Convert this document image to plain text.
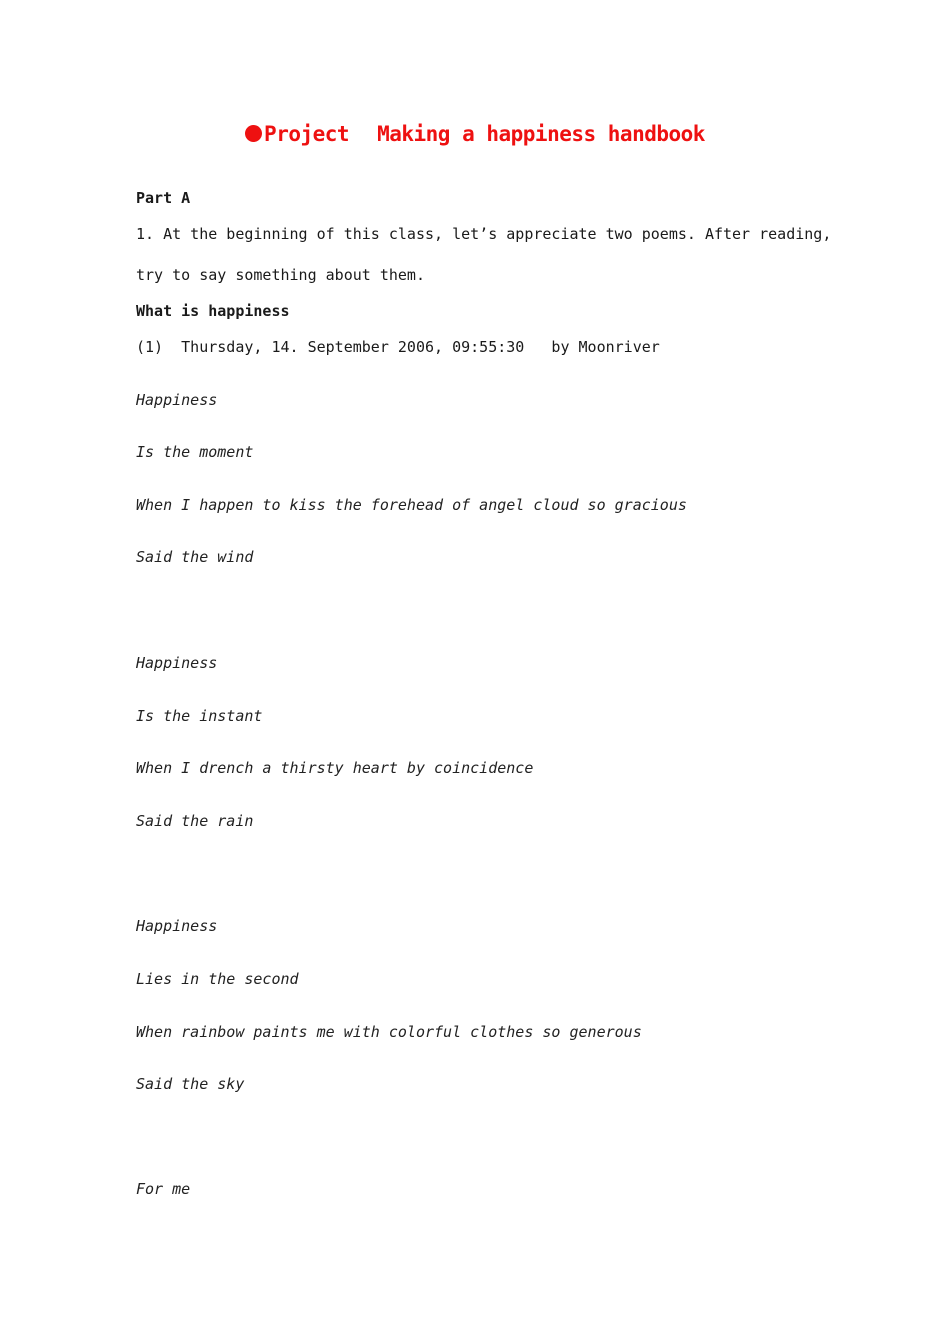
Project Making a happiness handbook
Part A
1. At the beginning of this class, let’s appreciate two poems. After reading,
try to say something about them.
What is happiness
(1)  Thursday, 14. September 2006, 09:55:30   by Moonriver
Happiness
Is the moment
When I happen to kiss the forehead of angel cloud so gracious
Said the wind
Happiness
Is the instant
When I drench a thirsty heart by coincidence
Said the rain
Happiness
Lies in the second
When rainbow paints me with colorful clothes so generous
Said the sky
For me
